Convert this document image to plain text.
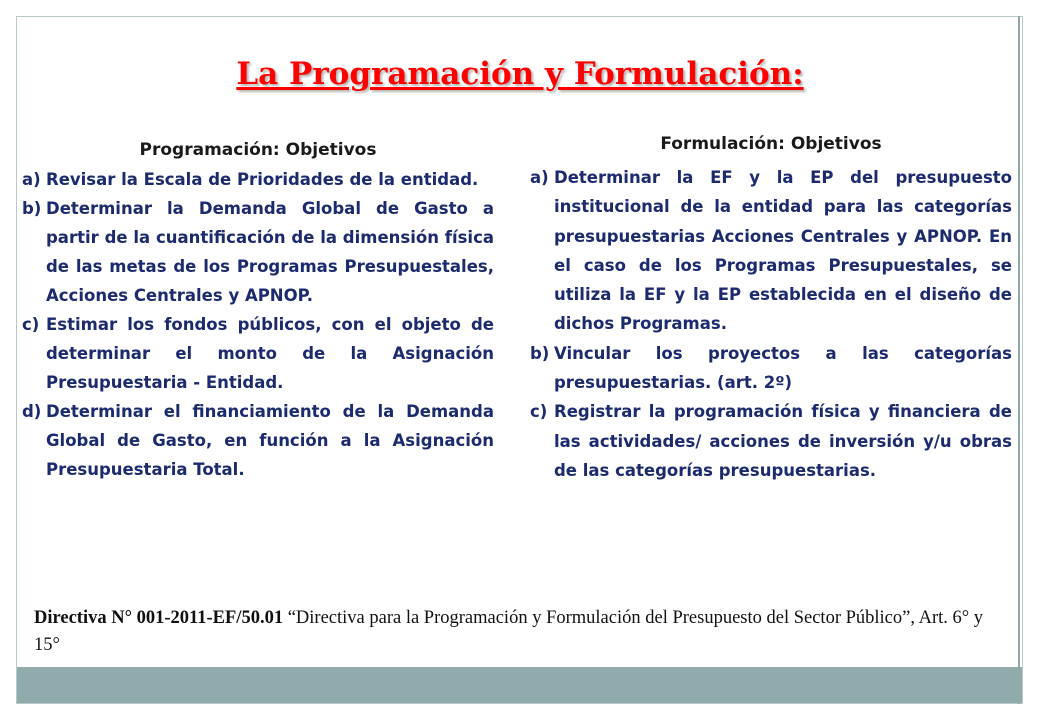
La Programación y Formulación:
Programación: Objetivos
a) Revisar la Escala de Prioridades de la entidad.
b) Determinar la Demanda Global de Gasto a partir de la cuantificación de la dimensión física de las metas de los Programas Presupuestales, Acciones Centrales y APNOP.
c) Estimar los fondos públicos, con el objeto de determinar el monto de la Asignación Presupuestaria - Entidad.
d) Determinar el financiamiento de la Demanda Global de Gasto, en función a la Asignación Presupuestaria Total.
Formulación: Objetivos
a) Determinar la EF y la EP del presupuesto institucional de la entidad para las categorías presupuestarias Acciones Centrales y APNOP. En el caso de los Programas Presupuestales, se utiliza la EF y la EP establecida en el diseño de dichos Programas.
b) Vincular los proyectos a las categorías presupuestarias. (art. 2º)
c) Registrar la programación física y financiera de las actividades/ acciones de inversión y/u obras de las categorías presupuestarias.

Directiva N° 001-2011-EF/50.01 “Directiva para la Programación y Formulación del Presupuesto del Sector Público”, Art. 6° y 15°
